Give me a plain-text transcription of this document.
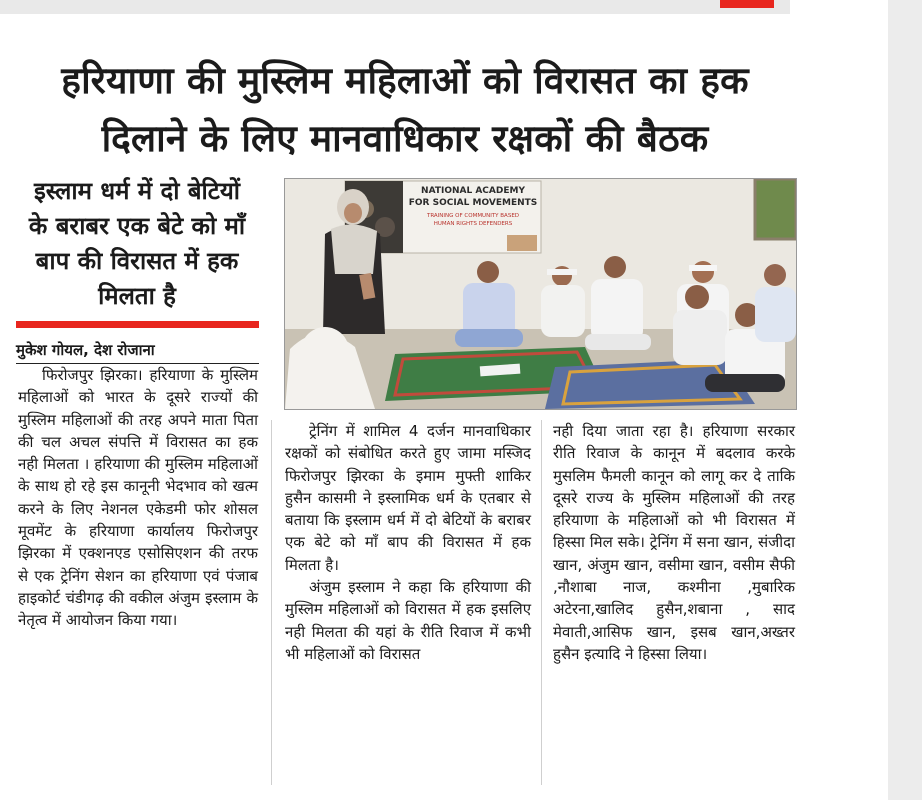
हरियाणा की मुस्लिम महिलाओं को विरासत का हक
दिलाने के लिए मानवाधिकार रक्षकों की बैठक
इस्लाम धर्म में दो बेटियों
के बराबर एक बेटे को माँ
बाप की विरासत में हक
मिलता है
मुकेश गोयल, देश रोजाना
NATIONAL ACADEMY
FOR SOCIAL MOVEMENTS
TRAINING OF COMMUNITY BASED
HUMAN RIGHTS DEFENDERS

फिरोजपुर झिरका। हरियाणा के मुस्लिम महिलाओं को भारत के दूसरे राज्यों की मुस्लिम महिलाओं की तरह अपने माता पिता की चल अचल संपत्ति में विरासत का हक नही मिलता । हरियाणा की मुस्लिम महिलाओं के साथ हो रहे इस कानूनी भेदभाव को खत्म करने के लिए नेशनल एकेडमी फोर शोसल मूवमेंट के हरियाणा कार्यालय फिरोजपुर झिरका में एक्शनएड एसोसिएशन की तरफ से एक ट्रेनिंग सेशन का हरियाणा एवं पंजाब हाइकोर्ट चंडीगढ़ की वकील अंजुम इस्लाम के नेतृत्व में आयोजन किया गया।

ट्रेनिंग में शामिल 4 दर्जन मानवाधिकार रक्षकों को संबोधित करते हुए जामा मस्जिद फिरोजपुर झिरका के इमाम मुफ्ती शाकिर हुसैन कासमी ने इस्लामिक धर्म के एतबार से बताया कि इस्लाम धर्म में दो बेटियों के बराबर एक बेटे को माँ बाप की विरासत में हक मिलता है।

अंजुम इस्लाम ने कहा कि हरियाणा की मुस्लिम महिलाओं को विरासत में हक इसलिए नही मिलता की यहां के रीति रिवाज में कभी भी महिलाओं को विरासत

नही दिया जाता रहा है। हरियाणा सरकार रीति रिवाज के कानून में बदलाव करके मुसलिम फैमली कानून को लागू कर दे ताकि दूसरे राज्य के मुस्लिम महिलाओं की तरह हरियाणा के महिलाओं को भी विरासत में हिस्सा मिल सके। ट्रेनिंग में सना खान, संजीदा खान, अंजुम खान, वसीमा खान, वसीम सैफी ,नौशाबा नाज, कश्मीना ,मुबारिक अटेरना,खालिद हुसैन,शबाना , साद मेवाती,आसिफ खान, इसब खान,अख्तर हुसैन इत्यादि ने हिस्सा लिया।
